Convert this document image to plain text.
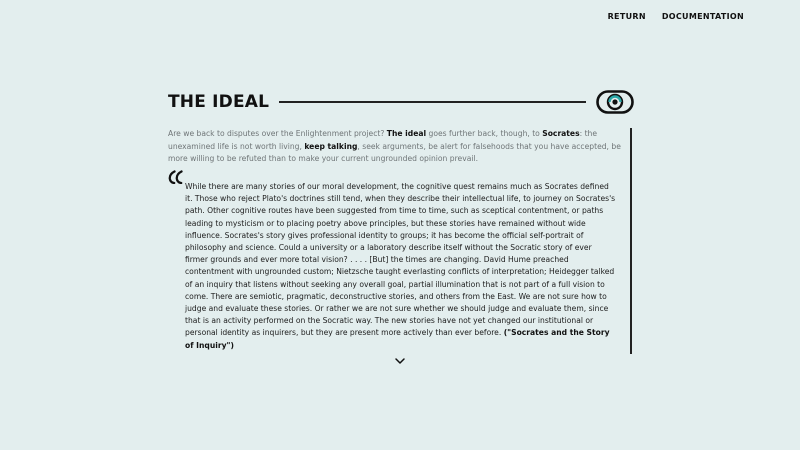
RETURN DOCUMENTATION
THE IDEAL

Are we back to disputes over the Enlightenment project? The ideal goes further back, though, to Socrates: the unexamined life is not worth living, keep talking, seek arguments, be alert for falsehoods that you have accepted, be more willing to be refuted than to make your current ungrounded opinion prevail.

While there are many stories of our moral development, the cognitive quest remains much as Socrates defined it. Those who reject Plato's doctrines still tend, when they describe their intellectual life, to journey on Socrates's path. Other cognitive routes have been suggested from time to time, such as sceptical contentment, or paths leading to mysticism or to placing poetry above principles, but these stories have remained without wide influence. Socrates's story gives professional identity to groups; it has become the official self-portrait of philosophy and science. Could a university or a laboratory describe itself without the Socratic story of ever firmer grounds and ever more total vision? . . . . [But] the times are changing. David Hume preached contentment with ungrounded custom; Nietzsche taught everlasting conflicts of interpretation; Heidegger talked of an inquiry that listens without seeking any overall goal, partial illumination that is not part of a full vision to come. There are semiotic, pragmatic, deconstructive stories, and others from the East. We are not sure how to judge and evaluate these stories. Or rather we are not sure whether we should judge and evaluate them, since that is an activity performed on the Socratic way. The new stories have not yet changed our institutional or personal identity as inquirers, but they are present more actively than ever before. ("Socrates and the Story of Inquiry")
